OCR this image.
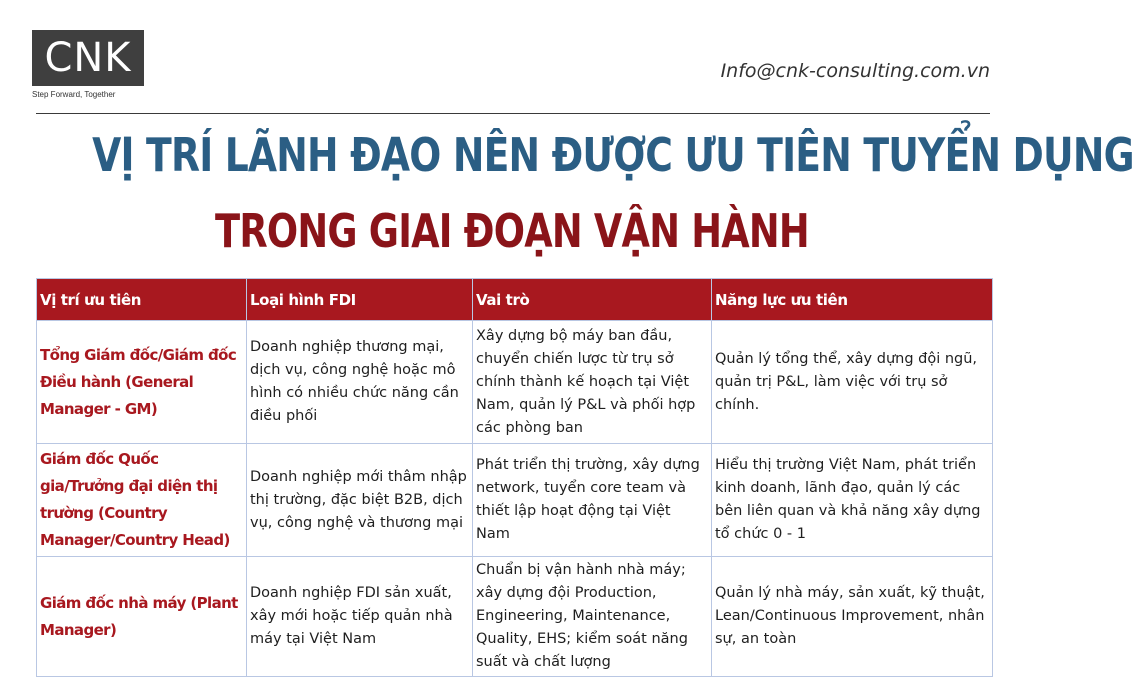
CNK
Step Forward, Together
Info@cnk-consulting.com.vn
VỊ TRÍ LÃNH ĐẠO NÊN ĐƯỢC ƯU TIÊN TUYỂN DỤNG
TRONG GIAI ĐOẠN VẬN HÀNH
Vị trí ưu tiên	Loại hình FDI	Vai trò	Năng lực ưu tiên
Tổng Giám đốc/Giám đốc Điều hành (General Manager - GM)	Doanh nghiệp thương mại, dịch vụ, công nghệ hoặc mô hình có nhiều chức năng cần điều phối	Xây dựng bộ máy ban đầu, chuyển chiến lược từ trụ sở chính thành kế hoạch tại Việt Nam, quản lý P&L và phối hợp các phòng ban	Quản lý tổng thể, xây dựng đội ngũ, quản trị P&L, làm việc với trụ sở chính.
Giám đốc Quốc gia/Trưởng đại diện thị trường (Country Manager/Country Head)	Doanh nghiệp mới thâm nhập thị trường, đặc biệt B2B, dịch vụ, công nghệ và thương mại	Phát triển thị trường, xây dựng network, tuyển core team và thiết lập hoạt động tại Việt Nam	Hiểu thị trường Việt Nam, phát triển kinh doanh, lãnh đạo, quản lý các bên liên quan và khả năng xây dựng tổ chức 0 - 1
Giám đốc nhà máy (Plant Manager)	Doanh nghiệp FDI sản xuất, xây mới hoặc tiếp quản nhà máy tại Việt Nam	Chuẩn bị vận hành nhà máy; xây dựng đội Production, Engineering, Maintenance, Quality, EHS; kiểm soát năng suất và chất lượng	Quản lý nhà máy, sản xuất, kỹ thuật, Lean/Continuous Improvement, nhân sự, an toàn
